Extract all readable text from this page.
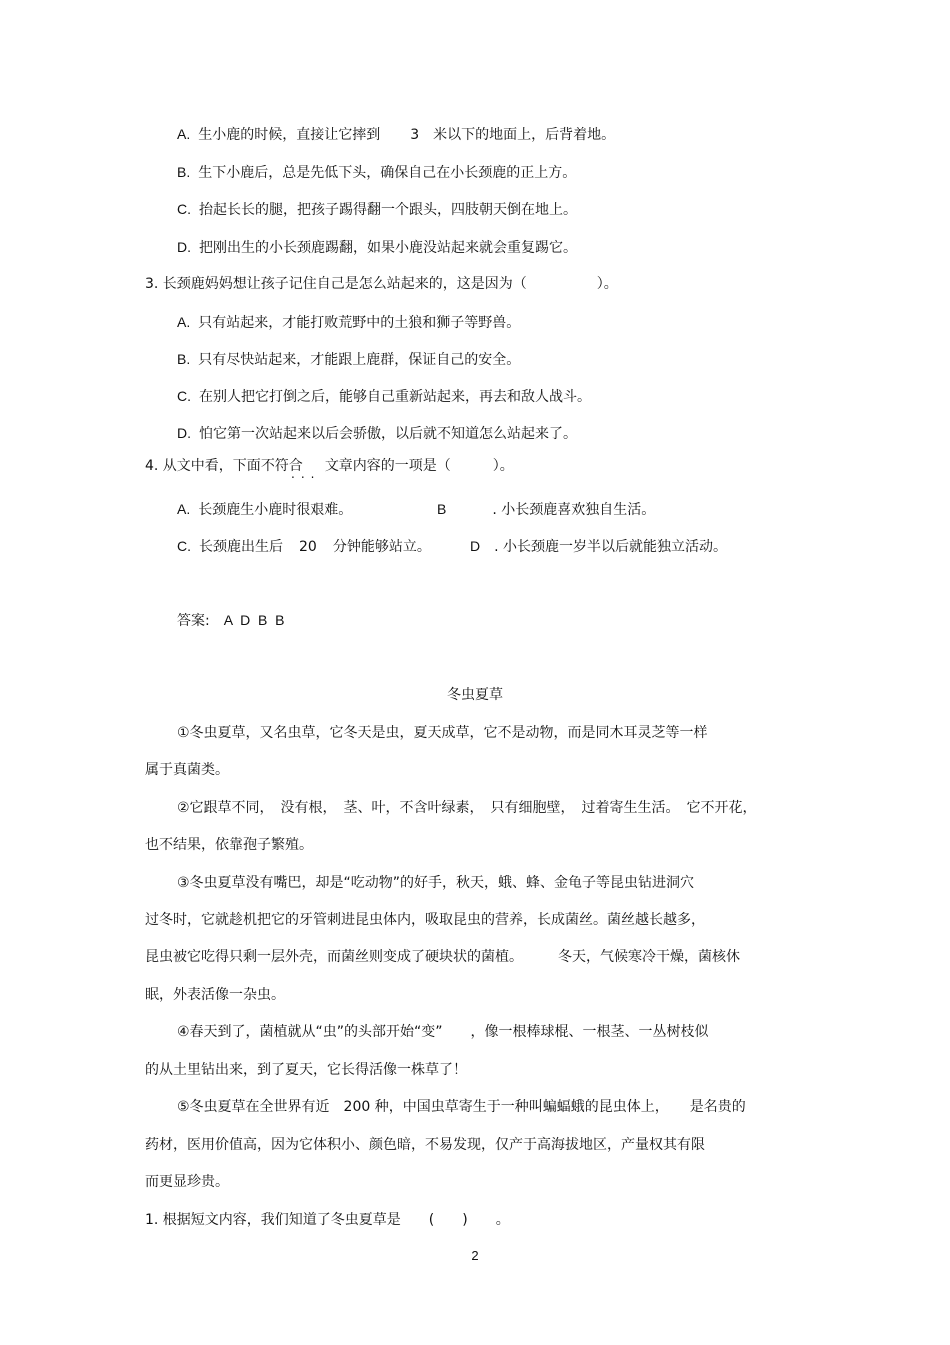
A. 生小鹿的时候，直接让它摔到 3 米以下的地面上，后背着地。
B. 生下小鹿后，总是先低下头，确保自己在小长颈鹿的正上方。
C. 抬起长长的腿，把孩子踢得翻一个跟头，四肢朝天倒在地上。
D. 把刚出生的小长颈鹿踢翻，如果小鹿没站起来就会重复踢它。
3. 长颈鹿妈妈想让孩子记住自己是怎么站起来的，这是因为（　　　　　）。
A. 只有站起来，才能打败荒野中的土狼和狮子等野兽。
B. 只有尽快站起来，才能跟上鹿群，保证自己的安全。
C. 在别人把它打倒之后，能够自己重新站起来，再去和敌人战斗。
D. 怕它第一次站起来以后会骄傲，以后就不知道怎么站起来了。
4. 从文中看，下面不符合 文章内容的一项是（　　　）。
...
A. 长颈鹿生小鹿时很艰难。	B	. 小长颈鹿喜欢独自生活。
C. 长颈鹿出生后 20 分钟能够站立。	D . 小长颈鹿一岁半以后就能独立活动。
答案: A  D  B  B
冬虫夏草
①冬虫夏草，又名虫草，它冬天是虫，夏天成草，它不是动物，而是同木耳灵芝等一样
属于真菌类。
②它跟草不同，　没有根，　茎、叶，不含叶绿素，　只有细胞壁，　过着寄生生活。　它不开花，
也不结果，依靠孢子繁殖。
③冬虫夏草没有嘴巴，却是“吃动物”的好手，秋天，蛾、蜂、金龟子等昆虫钻进洞穴
过冬时，它就趁机把它的牙管刺进昆虫体内，吸取昆虫的营养，长成菌丝。菌丝越长越多，
昆虫被它吃得只剩一层外壳，而菌丝则变成了硬块状的菌植。　　　冬天，气候寒冷干燥，菌核休
眠，外表活像一杂虫。
④春天到了，菌植就从“虫”的头部开始“变”　　，像一根棒球棍、一根茎、一丛树枝似
的从土里钻出来，到了夏天，它长得活像一株草了！
⑤冬虫夏草在全世界有近　200 种，中国虫草寄生于一种叫蝙蝠蛾的昆虫体上，　　是名贵的
药材，医用价值高，因为它体积小、颜色暗，不易发现，仅产于高海拔地区，产量权其有限
而更显珍贵。
1. 根据短文内容，我们知道了冬虫夏草是　　(　　)　　。
2
